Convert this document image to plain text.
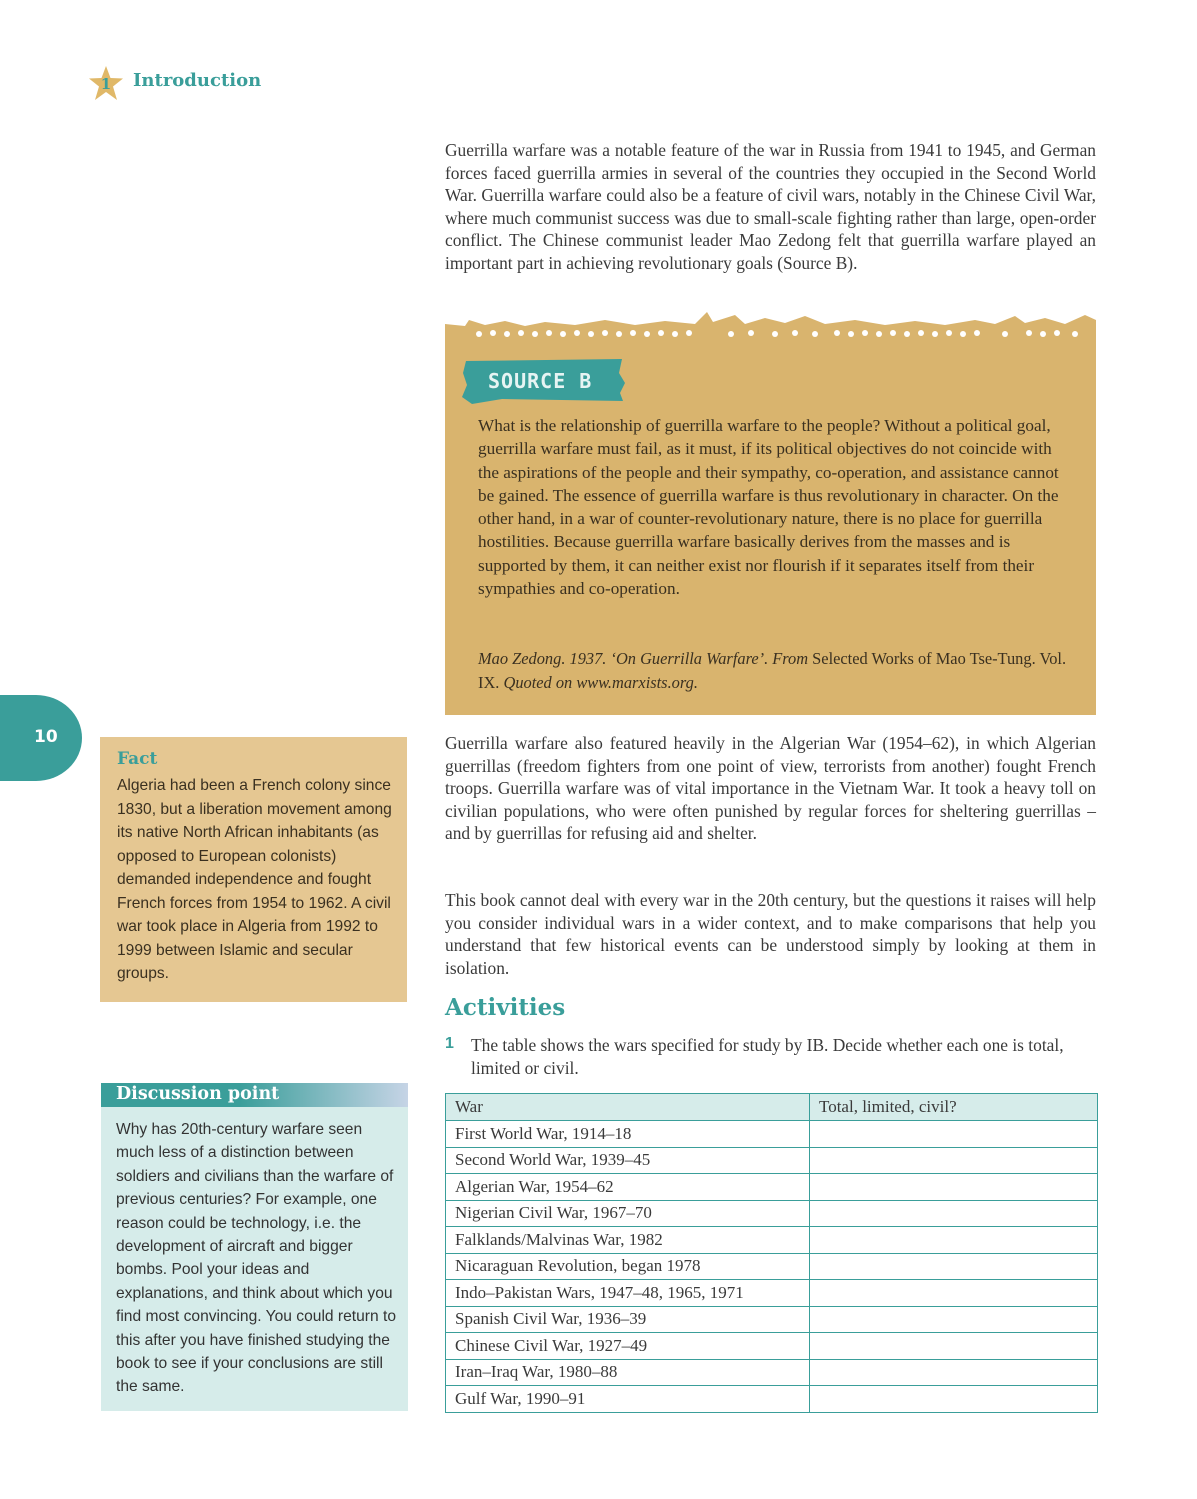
1 Introduction
Guerrilla warfare was a notable feature of the war in Russia from 1941 to 1945, and German forces faced guerrilla armies in several of the countries they occupied in the Second World War. Guerrilla warfare could also be a feature of civil wars, notably in the Chinese Civil War, where much communist success was due to small-scale fighting rather than large, open-order conflict. The Chinese communist leader Mao Zedong felt that guerrilla warfare played an important part in achieving revolutionary goals (Source B).
SOURCE B
What is the relationship of guerrilla warfare to the people? Without a political goal, guerrilla warfare must fail, as it must, if its political objectives do not coincide with the aspirations of the people and their sympathy, co-operation, and assistance cannot be gained. The essence of guerrilla warfare is thus revolutionary in character. On the other hand, in a war of counter-revolutionary nature, there is no place for guerrilla hostilities. Because guerrilla warfare basically derives from the masses and is supported by them, it can neither exist nor flourish if it separates itself from their sympathies and co-operation.
Mao Zedong. 1937. ‘On Guerrilla Warfare’. From Selected Works of Mao Tse-Tung. Vol. IX. Quoted on www.marxists.org.
Guerrilla warfare also featured heavily in the Algerian War (1954–62), in which Algerian guerrillas (freedom fighters from one point of view, terrorists from another) fought French troops. Guerrilla warfare was of vital importance in the Vietnam War. It took a heavy toll on civilian populations, who were often punished by regular forces for sheltering guerrillas – and by guerrillas for refusing aid and shelter.
This book cannot deal with every war in the 20th century, but the questions it raises will help you consider individual wars in a wider context, and to make comparisons that help you understand that few historical events can be understood simply by looking at them in isolation.
10
Fact
Algeria had been a French colony since 1830, but a liberation movement among its native North African inhabitants (as opposed to European colonists) demanded independence and fought French forces from 1954 to 1962. A civil war took place in Algeria from 1992 to 1999 between Islamic and secular groups.
Discussion point
Why has 20th-century warfare seen much less of a distinction between soldiers and civilians than the warfare of previous centuries? For example, one reason could be technology, i.e. the development of aircraft and bigger bombs. Pool your ideas and explanations, and think about which you find most convincing. You could return to this after you have finished studying the book to see if your conclusions are still the same.
Activities
1 The table shows the wars specified for study by IB. Decide whether each one is total, limited or civil.
War	Total, limited, civil?
First World War, 1914–18	
Second World War, 1939–45	
Algerian War, 1954–62	
Nigerian Civil War, 1967–70	
Falklands/Malvinas War, 1982	
Nicaraguan Revolution, began 1978	
Indo–Pakistan Wars, 1947–48, 1965, 1971	
Spanish Civil War, 1936–39	
Chinese Civil War, 1927–49	
Iran–Iraq War, 1980–88	
Gulf War, 1990–91	
